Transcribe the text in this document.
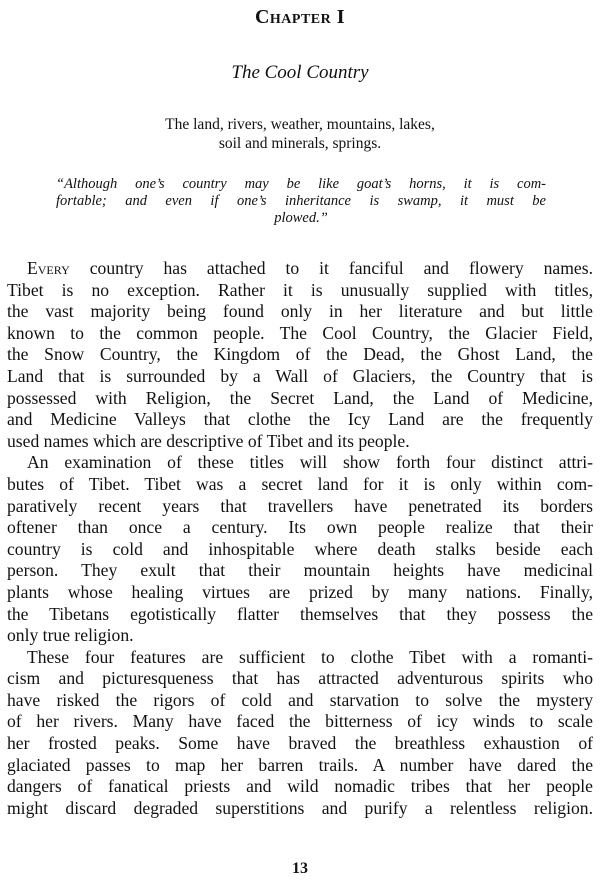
Chapter I
The Cool Country
The land, rivers, weather, mountains, lakes,
soil and minerals, springs.
“Although one’s country may be like goat’s horns, it is com-
fortable; and even if one’s inheritance is swamp, it must be
plowed.”
Every country has attached to it fanciful and flowery names.
Tibet is no exception. Rather it is unusually supplied with titles,
the vast majority being found only in her literature and but little
known to the common people. The Cool Country, the Glacier Field,
the Snow Country, the Kingdom of the Dead, the Ghost Land, the
Land that is surrounded by a Wall of Glaciers, the Country that is
possessed with Religion, the Secret Land, the Land of Medicine,
and Medicine Valleys that clothe the Icy Land are the frequently
used names which are descriptive of Tibet and its people.
An examination of these titles will show forth four distinct attri-
butes of Tibet. Tibet was a secret land for it is only within com-
paratively recent years that travellers have penetrated its borders
oftener than once a century. Its own people realize that their
country is cold and inhospitable where death stalks beside each
person. They exult that their mountain heights have medicinal
plants whose healing virtues are prized by many nations. Finally,
the Tibetans egotistically flatter themselves that they possess the
only true religion.
These four features are sufficient to clothe Tibet with a romanti-
cism and picturesqueness that has attracted adventurous spirits who
have risked the rigors of cold and starvation to solve the mystery
of her rivers. Many have faced the bitterness of icy winds to scale
her frosted peaks. Some have braved the breathless exhaustion of
glaciated passes to map her barren trails. A number have dared the
dangers of fanatical priests and wild nomadic tribes that her people
might discard degraded superstitions and purify a relentless religion.
13
